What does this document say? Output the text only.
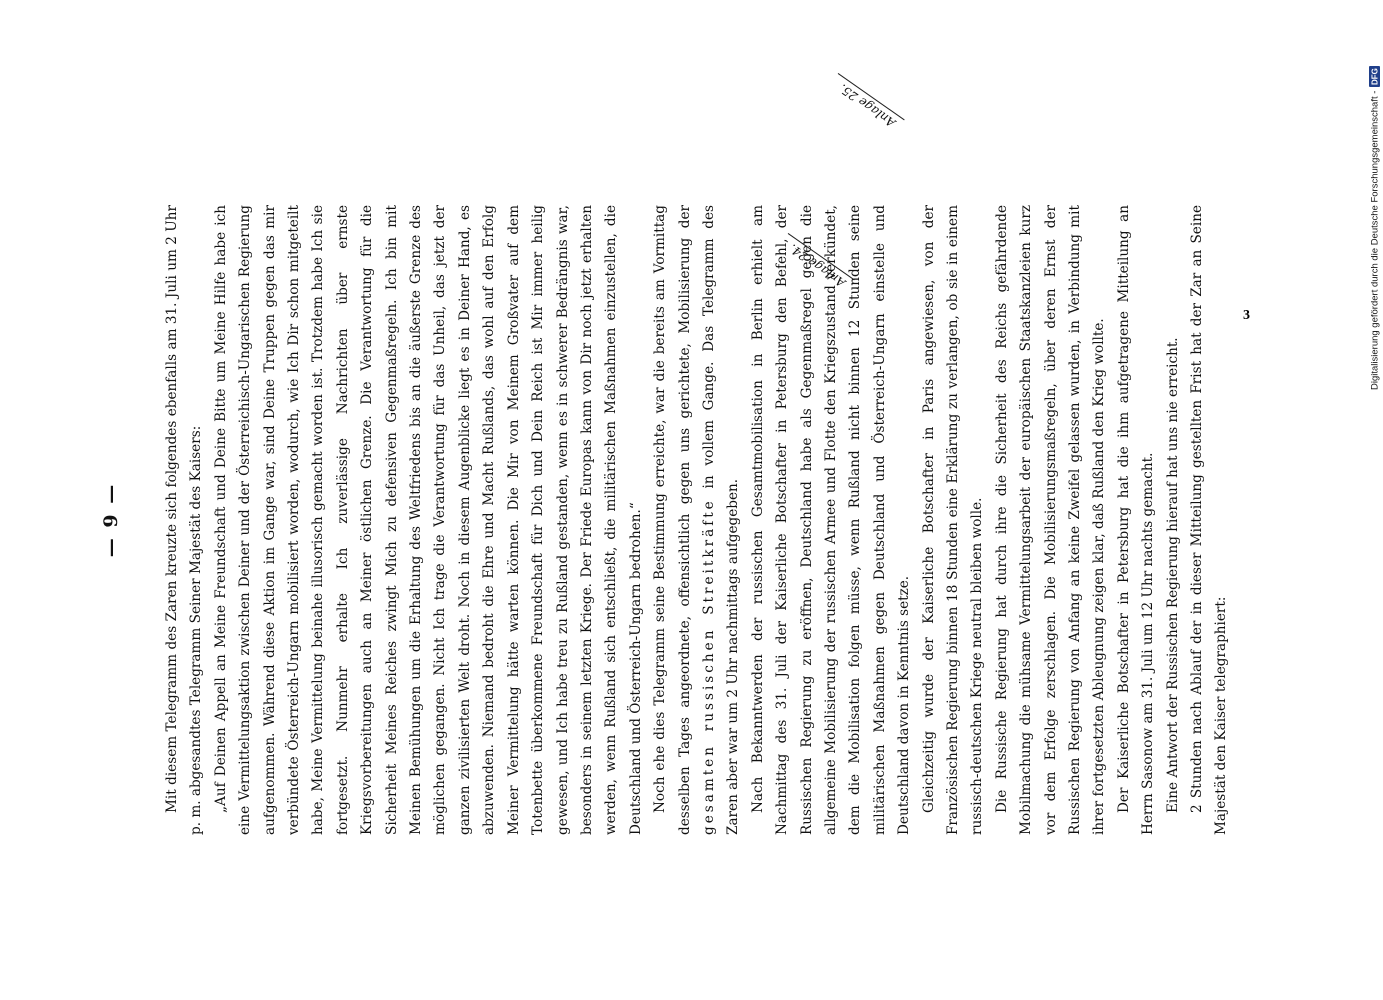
— 9 —	Mit diesem Telegramm des Zaren kreuzte sich folgendes ebenfalls am 31. Juli um 2 Uhr p. m. abgesandtes Telegramm Seiner Majestät des Kaisers: „Auf Deinen Appell an Meine Freundschaft und Deine Bitte um Meine Hilfe habe ich eine Vermittelungsaktion zwischen Deiner und der Österreichisch-Ungarischen Regierung aufgenommen. Während diese Aktion im Gange war, sind Deine Truppen gegen das mir verbündete Österreich-Ungarn mobilisiert worden, wodurch, wie Ich Dir schon mitgeteilt habe, Meine Vermittelung beinahe illusorisch gemacht worden ist. Trotzdem habe Ich sie fortgesetzt. Nunmehr erhalte Ich zuverlässige Nachrichten über ernste Kriegsvorbereitungen auch an Meiner östlichen Grenze. Die Verantwortung für die Sicherheit Meines Reiches zwingt Mich zu defensiven Gegenmaßregeln. Ich bin mit Meinen Bemühungen um die Erhaltung des Weltfriedens bis an die äußerste Grenze des möglichen gegangen. Nicht Ich trage die Verantwortung für das Unheil, das jetzt der ganzen zivilisierten Welt droht. Noch in diesem Augenblicke liegt es in Deiner Hand, es abzuwenden. Niemand bedroht die Ehre und Macht Rußlands, das wohl auf den Erfolg Meiner Vermittelung hätte warten können. Die Mir von Meinem Großvater auf dem Totenbette überkommene Freundschaft für Dich und Dein Reich ist Mir immer heilig gewesen, und Ich habe treu zu Rußland gestanden, wenn es in schwerer Bedrängnis war, besonders in seinem letzten Kriege. Der Friede Europas kann von Dir noch jetzt erhalten werden, wenn Rußland sich entschließt, die militärischen Maßnahmen einzustellen, die Deutschland und Österreich-Ungarn bedrohen.“ Noch ehe dies Telegramm seine Bestimmung erreichte, war die bereits am Vormittag desselben Tages angeordnete, offensichtlich gegen uns gerichtete, Mobilisierung der gesamten russischen Streitkräfte in vollem Gange. Das Telegramm des Zaren aber war um 2 Uhr nachmittags aufgegeben. Nach Bekanntwerden der russischen Gesamtmobilisation in Berlin erhielt am Nachmittag des 31. Juli der Kaiserliche Botschafter in Petersburg den Befehl, der Russischen Regierung zu eröffnen, Deutschland habe als Gegenmaßregel gegen die allgemeine Mobilisierung der russischen Armee und Flotte den Kriegszustand verkündet, dem die Mobilisation folgen müsse, wenn Rußland nicht binnen 12 Stunden seine militärischen Maßnahmen gegen Deutschland und Österreich-Ungarn einstelle und Deutschland davon in Kenntnis setze. Gleichzeitig wurde der Kaiserliche Botschafter in Paris angewiesen, von der Französischen Regierung binnen 18 Stunden eine Erklärung zu verlangen, ob sie in einem russisch-deutschen Kriege neutral bleiben wolle. Die Russische Regierung hat durch ihre die Sicherheit des Reichs gefährdende Mobilmachung die mühsame Vermittelungsarbeit der europäischen Staatskanzleien kurz vor dem Erfolge zerschlagen. Die Mobilisierungsmaßregeln, über deren Ernst der Russischen Regierung von Anfang an keine Zweifel gelassen wurden, in Verbindung mit ihrer fortgesetzten Ableugnung zeigen klar, daß Rußland den Krieg wollte. Der Kaiserliche Botschafter in Petersburg hat die ihm aufgetragene Mitteilung an Herrn Sasonow am 31. Juli um 12 Uhr nachts gemacht. Eine Antwort der Russischen Regierung hierauf hat uns nie erreicht. 2 Stunden nach Ablauf der in dieser Mitteilung gestellten Frist hat der Zar an Seine Majestät den Kaiser telegraphiert:

Anlage 24.
Anlage 25.
3	Digitalisierung gefördert durch die Deutsche Forschungsgemeinschaft -
DFG
